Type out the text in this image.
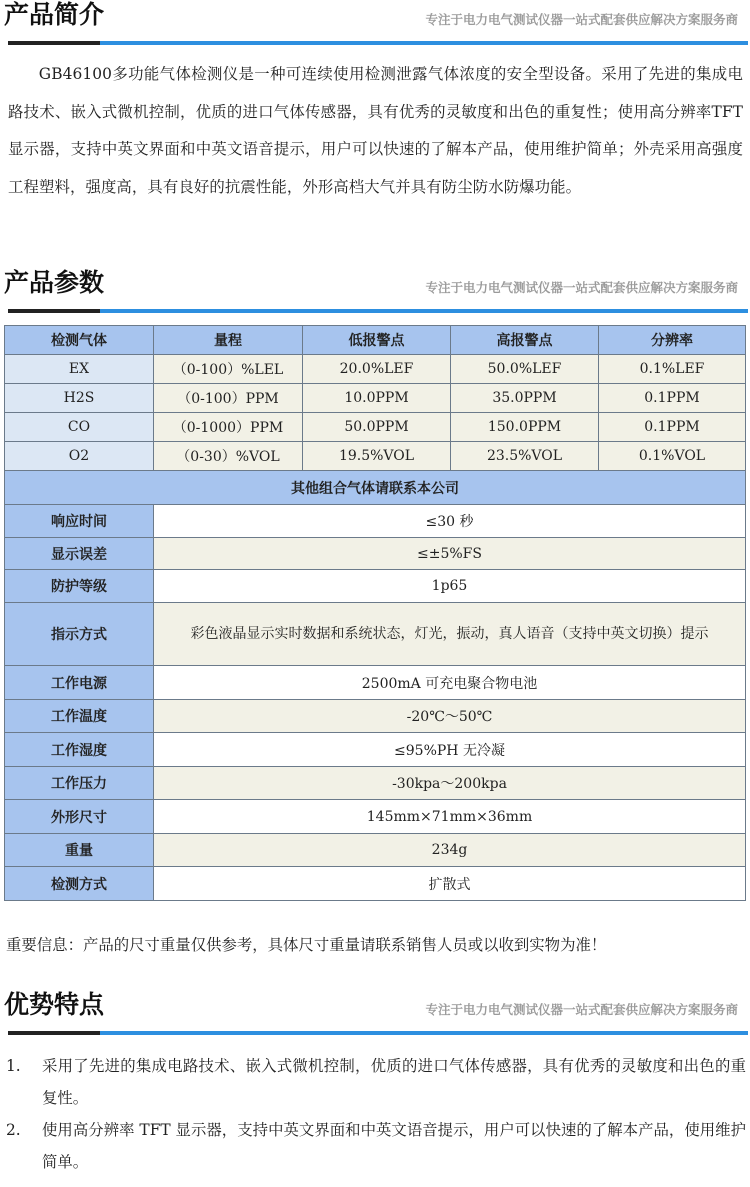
产品简介	专注于电力电气测试仪器一站式配套供应解决方案服务商
GB46100多功能气体检测仪是一种可连续使用检测泄露气体浓度的安全型设备。采用了先进的集成电路技术、嵌入式微机控制，优质的进口气体传感器，具有优秀的灵敏度和出色的重复性；使用高分辨率TFT显示器，支持中英文界面和中英文语音提示，用户可以快速的了解本产品，使用维护简单；外壳采用高强度工程塑料，强度高，具有良好的抗震性能，外形高档大气并具有防尘防水防爆功能。
产品参数	专注于电力电气测试仪器一站式配套供应解决方案服务商
检测气体	量程	低报警点	高报警点	分辨率
EX	（0-100）%LEL	20.0%LEF	50.0%LEF	0.1%LEF
H2S	（0-100）PPM	10.0PPM	35.0PPM	0.1PPM
CO	（0-1000）PPM	50.0PPM	150.0PPM	0.1PPM
O2	（0-30）%VOL	19.5%VOL	23.5%VOL	0.1%VOL
其他组合气体请联系本公司				
响应时间	≤30 秒			
显示误差	≤±5%FS			
防护等级	1p65			
指示方式	彩色液晶显示实时数据和系统状态，灯光，振动，真人语音（支持中英文切换）提示			
工作电源	2500mA 可充电聚合物电池			
工作温度	-20℃～50℃			
工作湿度	≤95%PH 无冷凝			
工作压力	-30kpa～200kpa			
外形尺寸	145mm×71mm×36mm			
重量	234g			
检测方式	扩散式			
重要信息：产品的尺寸重量仅供参考，具体尺寸重量请联系销售人员或以收到实物为准！
优势特点	专注于电力电气测试仪器一站式配套供应解决方案服务商
1.	采用了先进的集成电路技术、嵌入式微机控制，优质的进口气体传感器，具有优秀的灵敏度和出色的重复性。
2.	使用高分辨率 TFT 显示器，支持中英文界面和中英文语音提示，用户可以快速的了解本产品，使用维护简单。
